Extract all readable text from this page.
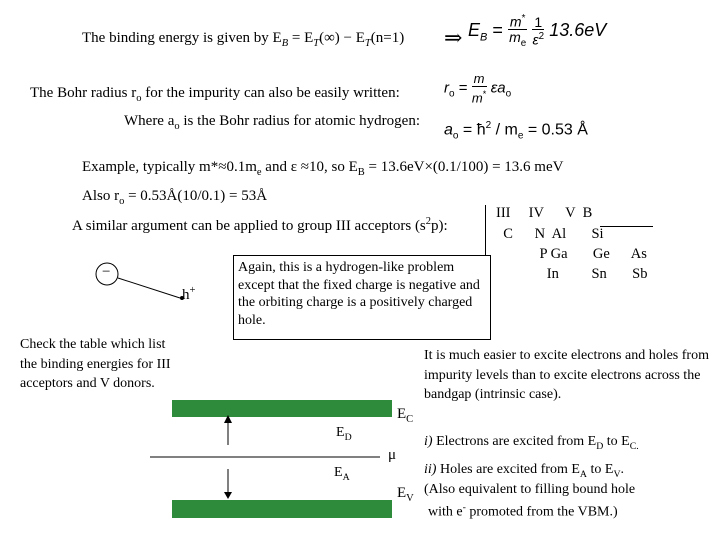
The binding energy is given by $E_B = E_T(\infty) - E_T(n=1)$ ⇒ $E_B = \frac{m^*}{m_e}$
$\frac{1}{\varepsilon^2} 13.6eV$
The Bohr radius $r_o$ for the impurity can also be easily written:	$r_o = \frac{m}{m^*} \varepsilon a_o$
Where $a_o$ is the Bohr radius for atomic hydrogen:
$a_o$ = $ħ^2 / m_e = 0.53$ Å
Example, typically $m*\approx 0.1m_e$ and ε ≈10, so $E_B = 13.6eV\times(0.1/100) = 13.6$ meV
Also $r_o$ = 0.53Å(10/0.1) = 53Å
A similar argument can be applied to group III acceptors $(s^2p)$:
III     IV      V  B
C      N  Al       Si
P Ga       Ge      As
In         Sn       Sb
−
h+
Again, this is a hydrogen-like problem except that the fixed charge is negative and the orbiting charge is a positively charged hole.
Check the table which list the binding energies for III acceptors and V donors.
It is much easier to excite electrons and holes from impurity levels than to excite electrons across the bandgap (intrinsic case).
$E_C$
$E_D$
μ
$E_A$
$E_V$
i) Electrons are excited from $E_D$ to $E_{C.}$
ii) Holes are excited from $E_A$ to $E_V$.
(Also equivalent to filling bound hole
with e- promoted from the VBM.)
